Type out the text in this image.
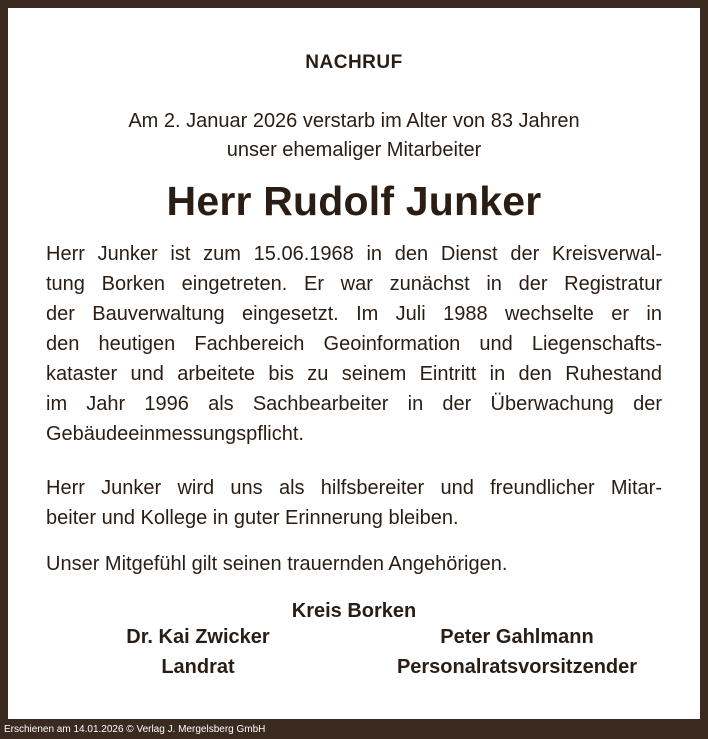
NACHRUF
Am 2. Januar 2026 verstarb im Alter von 83 Jahren
unser ehemaliger Mitarbeiter
Herr Rudolf Junker
Herr Junker ist zum 15.06.1968 in den Dienst der Kreisverwal-
tung Borken eingetreten. Er war zunächst in der Registratur
der Bauverwaltung eingesetzt. Im Juli 1988 wechselte er in
den heutigen Fachbereich Geoinformation und Liegenschafts-
kataster und arbeitete bis zu seinem Eintritt in den Ruhestand
im Jahr 1996 als Sachbearbeiter in der Überwachung der
Gebäudeeinmessungspflicht.
Herr Junker wird uns als hilfsbereiter und freundlicher Mitar-
beiter und Kollege in guter Erinnerung bleiben.
Unser Mitgefühl gilt seinen trauernden Angehörigen.
Kreis Borken
Dr. Kai Zwicker
Landrat
Peter Gahlmann
Personalratsvorsitzender
Erschienen am 14.01.2026 © Verlag J. Mergelsberg GmbH
